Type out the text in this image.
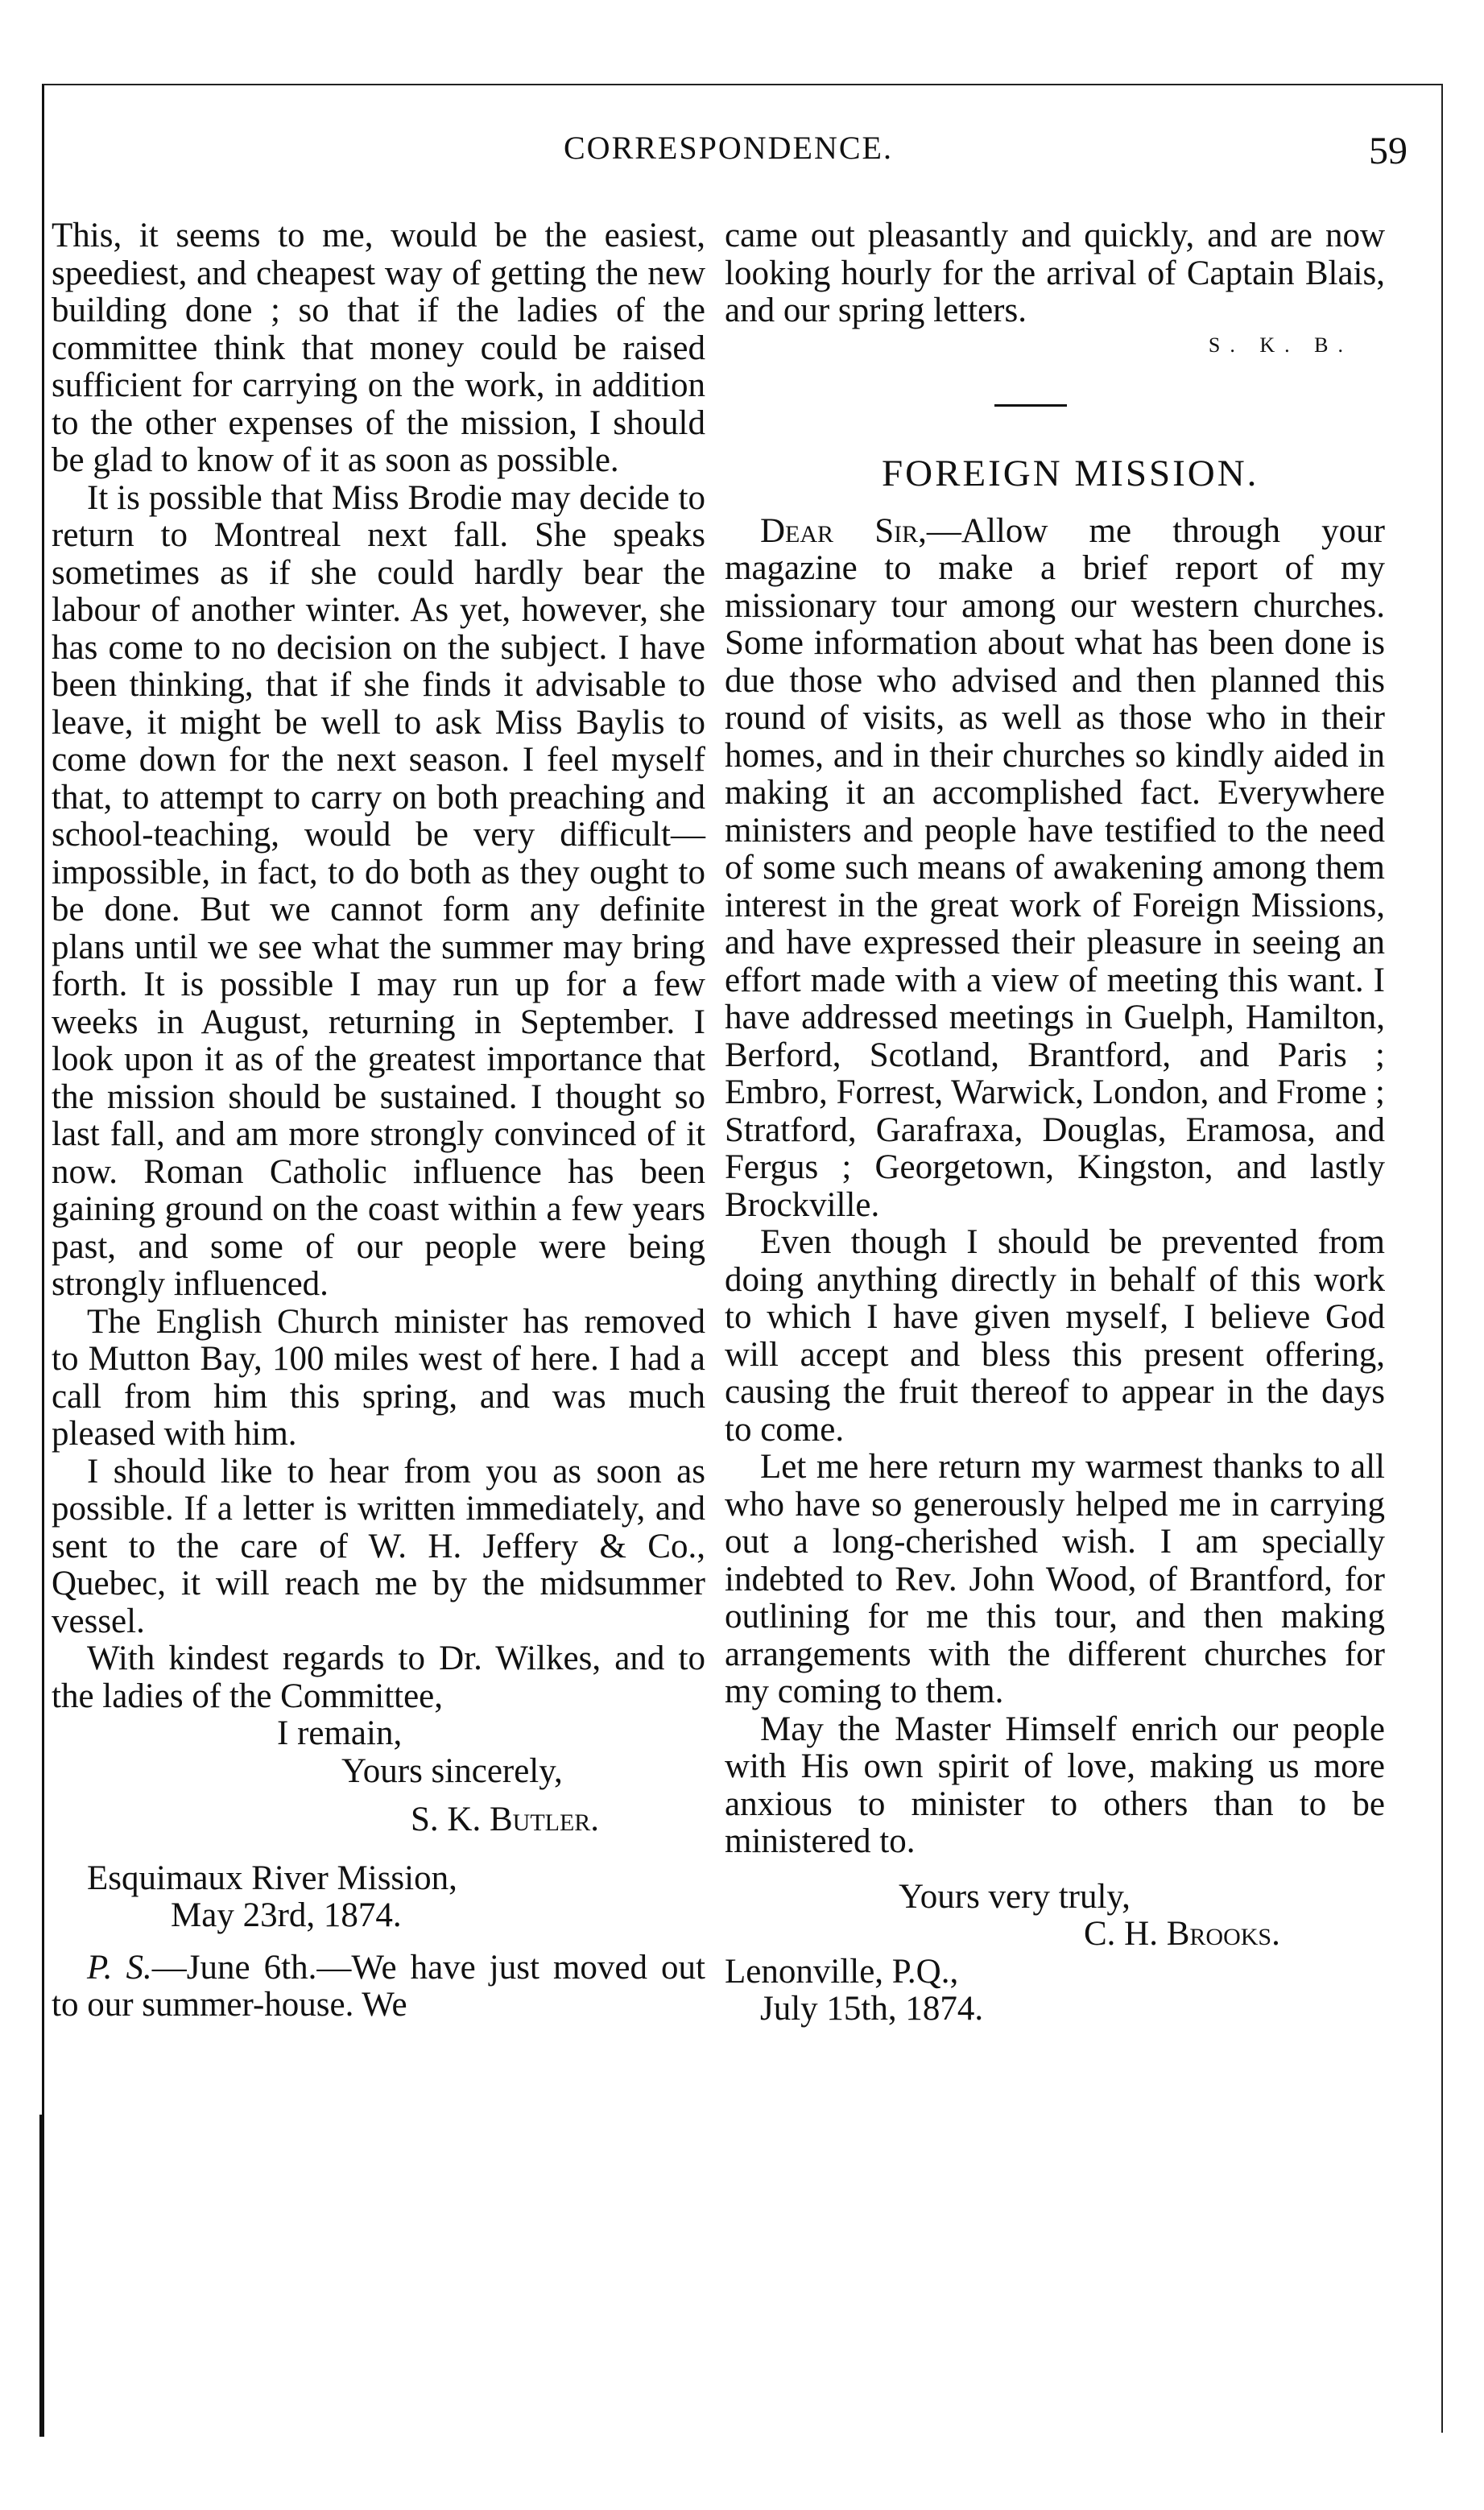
CORRESPONDENCE.	59

This, it seems to me, would be the easiest, speediest, and cheapest way of getting the new building done ; so that if the ladies of the committee think that money could be raised sufficient for carrying on the work, in addition to the other expenses of the mission, I should be glad to know of it as soon as possible.

It is possible that Miss Brodie may decide to return to Montreal next fall. She speaks sometimes as if she could hardly bear the labour of another winter. As yet, however, she has come to no decision on the subject. I have been thinking, that if she finds it advisable to leave, it might be well to ask Miss Baylis to come down for the next season. I feel myself that, to attempt to carry on both preaching and school-teaching, would be very difficult—impossible, in fact, to do both as they ought to be done. But we cannot form any definite plans until we see what the summer may bring forth. It is possible I may run up for a few weeks in August, returning in September. I look upon it as of the greatest importance that the mission should be sustained. I thought so last fall, and am more strongly convinced of it now. Roman Catholic influence has been gaining ground on the coast within a few years past, and some of our people were being strongly influenced.

The English Church minister has removed to Mutton Bay, 100 miles west of here. I had a call from him this spring, and was much pleased with him.

I should like to hear from you as soon as possible. If a letter is written immediately, and sent to the care of W. H. Jeffery & Co., Quebec, it will reach me by the midsummer vessel.

With kindest regards to Dr. Wilkes, and to the ladies of the Committee,

I remain,
Yours sincerely,
S. K. Butler.
Esquimaux River Mission,
May 23rd, 1874.

P. S.—June 6th.—We have just moved out to our summer-house. We

came out pleasantly and quickly, and are now looking hourly for the arrival of Captain Blais, and our spring letters.

S. K. B.
FOREIGN MISSION.

Dear Sir,—Allow me through your magazine to make a brief report of my missionary tour among our western churches. Some information about what has been done is due those who advised and then planned this round of visits, as well as those who in their homes, and in their churches so kindly aided in making it an accomplished fact. Everywhere ministers and people have testified to the need of some such means of awakening among them interest in the great work of Foreign Missions, and have expressed their pleasure in seeing an effort made with a view of meeting this want. I have addressed meetings in Guelph, Hamilton, Berford, Scotland, Brantford, and Paris ; Embro, Forrest, Warwick, London, and Frome ; Stratford, Garafraxa, Douglas, Eramosa, and Fergus ; Georgetown, Kingston, and lastly Brockville.

Even though I should be prevented from doing anything directly in behalf of this work to which I have given myself, I believe God will accept and bless this present offering, causing the fruit thereof to appear in the days to come.

Let me here return my warmest thanks to all who have so generously helped me in carrying out a long-cherished wish. I am specially indebted to Rev. John Wood, of Brantford, for outlining for me this tour, and then making arrangements with the different churches for my coming to them.

May the Master Himself enrich our people with His own spirit of love, making us more anxious to minister to others than to be ministered to.

Yours very truly,
C. H. Brooks.
Lenonville, P.Q.,
July 15th, 1874.
